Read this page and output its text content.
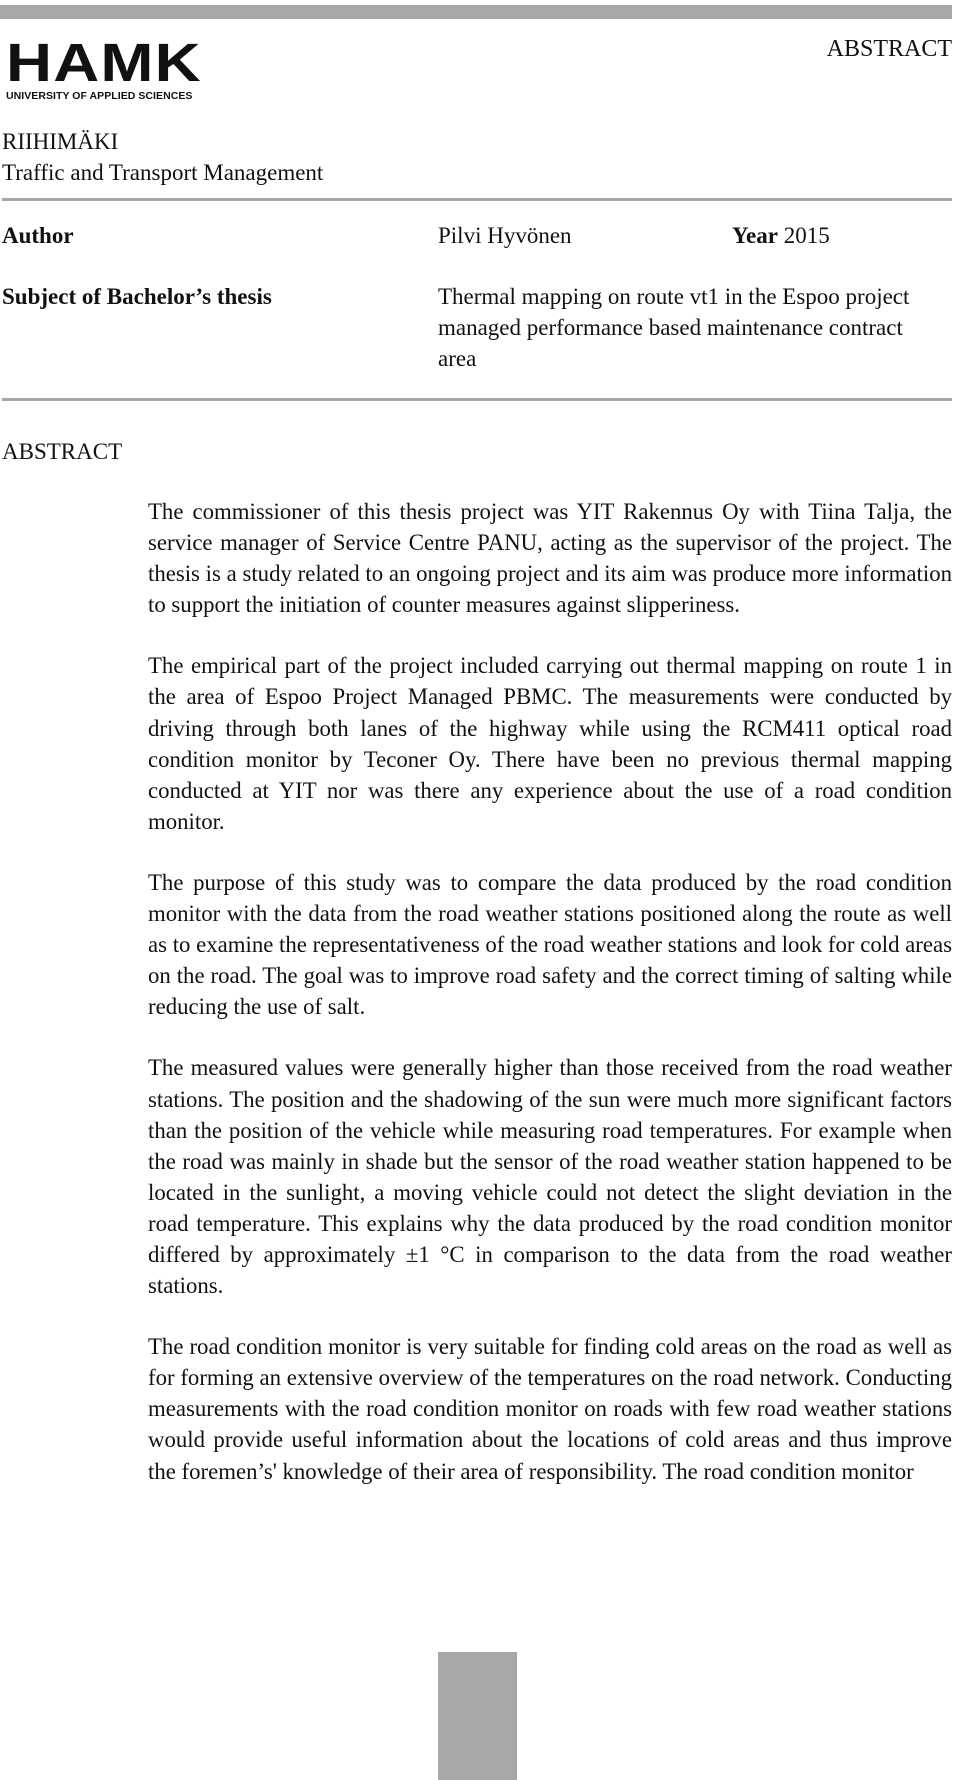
HAMK
UNIVERSITY OF APPLIED SCIENCES
ABSTRACT
RIIHIMÄKI
Traffic and Transport Management
Author	Pilvi Hyvönen	Year 2015
Subject of Bachelor’s thesis	Thermal mapping on route vt1 in the Espoo project managed performance based maintenance contract area
ABSTRACT

The commissioner of this thesis project was YIT Rakennus Oy with Tiina Talja, the service manager of Service Centre PANU, acting as the supervisor of the project. The thesis is a study related to an ongoing project and its aim was produce more information to support the initiation of counter measures against slipperiness.

The empirical part of the project included carrying out thermal mapping on route 1 in the area of Espoo Project Managed PBMC. The measurements were conducted by driving through both lanes of the highway while using the RCM411 optical road condition monitor by Teconer Oy. There have been no previous thermal mapping conducted at YIT nor was there any experience about the use of a road condition monitor.

The purpose of this study was to compare the data produced by the road condition monitor with the data from the road weather stations positioned along the route as well as to examine the representativeness of the road weather stations and look for cold areas on the road. The goal was to improve road safety and the correct timing of salting while reducing the use of salt.

The measured values were generally higher than those received from the road weather stations. The position and the shadowing of the sun were much more significant factors than the position of the vehicle while measuring road temperatures. For example when the road was mainly in shade but the sensor of the road weather station happened to be located in the sunlight, a moving vehicle could not detect the slight deviation in the road temperature. This explains why the data produced by the road condition monitor differed by approximately ±1 °C in comparison to the data from the road weather stations.

The road condition monitor is very suitable for finding cold areas on the road as well as for forming an extensive overview of the temperatures on the road network. Conducting measurements with the road condition monitor on roads with few road weather stations would provide useful information about the locations of cold areas and thus improve the foremen’s' knowledge of their area of responsibility. The road condition monitor
